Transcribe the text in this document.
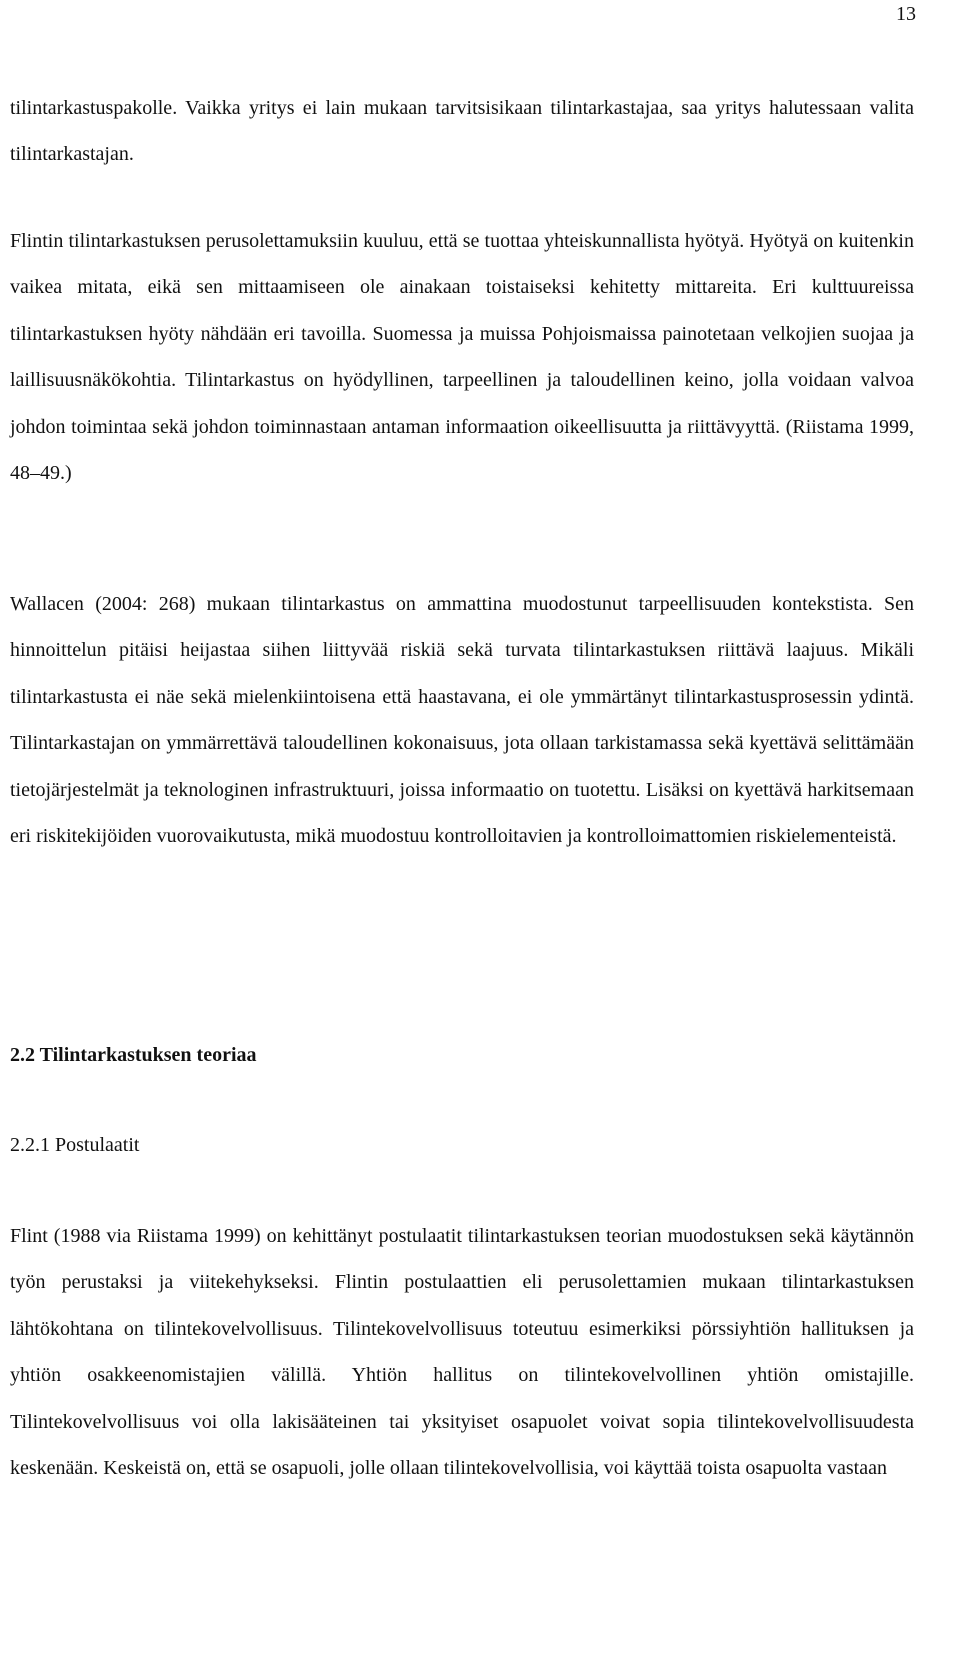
13

tilintarkastuspakolle. Vaikka yritys ei lain mukaan tarvitsisikaan tilintarkastajaa, saa yritys halutessaan valita tilintarkastajan.

Flintin tilintarkastuksen perusolettamuksiin kuuluu, että se tuottaa yhteiskunnallista hyötyä. Hyötyä on kuitenkin vaikea mitata, eikä sen mittaamiseen ole ainakaan toistaiseksi kehitetty mittareita. Eri kulttuureissa tilintarkastuksen hyöty nähdään eri tavoilla. Suomessa ja muissa Pohjoismaissa painotetaan velkojien suojaa ja laillisuusnäkökohtia. Tilintarkastus on hyödyllinen, tarpeellinen ja taloudellinen keino, jolla voidaan valvoa johdon toimintaa sekä johdon toiminnastaan antaman informaation oikeellisuutta ja riittävyyttä. (Riistama 1999, 48–49.)

Wallacen (2004: 268) mukaan tilintarkastus on ammattina muodostunut tarpeellisuuden kontekstista. Sen hinnoittelun pitäisi heijastaa siihen liittyvää riskiä sekä turvata tilintarkastuksen riittävä laajuus. Mikäli tilintarkastusta ei näe sekä mielenkiintoisena että haastavana, ei ole ymmärtänyt tilintarkastusprosessin ydintä. Tilintarkastajan on ymmärrettävä taloudellinen kokonaisuus, jota ollaan tarkistamassa sekä kyettävä selittämään tietojärjestelmät ja teknologinen infrastruktuuri, joissa informaatio on tuotettu. Lisäksi on kyettävä harkitsemaan eri riskitekijöiden vuorovaikutusta, mikä muodostuu kontrolloitavien ja kontrolloimattomien riskielementeistä.

2.2 Tilintarkastuksen teoriaa
2.2.1 Postulaatit

Flint (1988 via Riistama 1999) on kehittänyt postulaatit tilintarkastuksen teorian muodostuksen sekä käytännön työn perustaksi ja viitekehykseksi. Flintin postulaattien eli perusolettamien mukaan tilintarkastuksen lähtökohtana on tilintekovelvollisuus. Tilintekovelvollisuus toteutuu esimerkiksi pörssiyhtiön hallituksen ja yhtiön osakkeenomistajien välillä. Yhtiön hallitus on tilintekovelvollinen yhtiön omistajille. Tilintekovelvollisuus voi olla lakisääteinen tai yksityiset osapuolet voivat sopia tilintekovelvollisuudesta keskenään. Keskeistä on, että se osapuoli, jolle ollaan tilintekovelvollisia, voi käyttää toista osapuolta vastaan
